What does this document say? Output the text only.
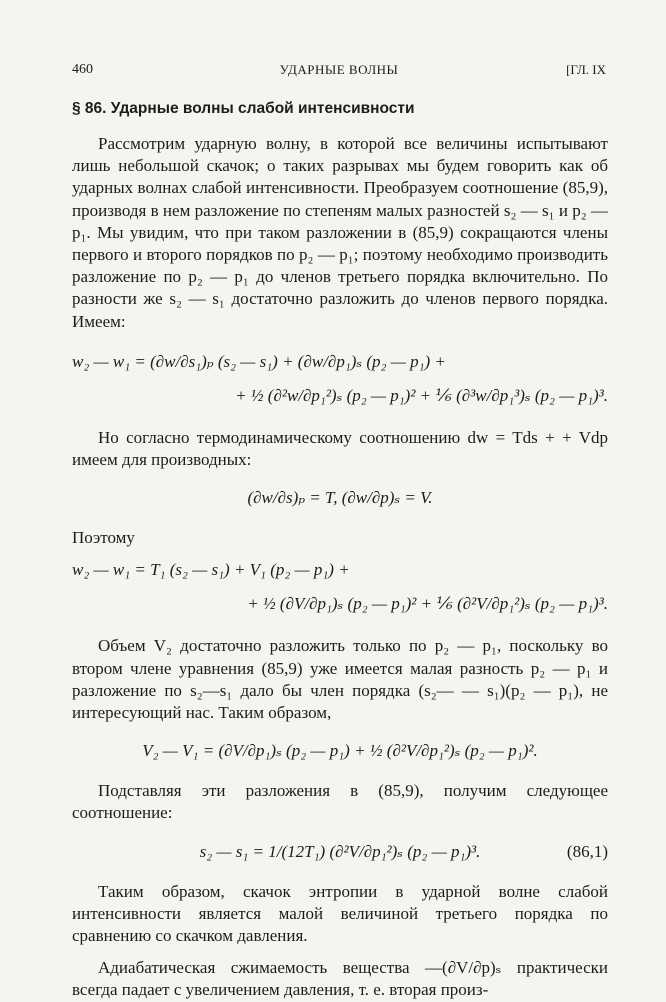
460	УДАРНЫЕ ВОЛНЫ	[ГЛ. IX
§ 86. Ударные волны слабой интенсивности

Рассмотрим ударную волну, в которой все величины испытывают лишь небольшой скачок; о таких разрывах мы будем говорить как об ударных волнах слабой интенсивности. Преобразуем соотношение (85,9), производя в нем разложение по степеням малых разностей s₂ — s₁ и p₂ — p₁. Мы увидим, что при таком разложении в (85,9) сокращаются члены первого и второго порядков по p₂ — p₁; поэтому необходимо производить разложение по p₂ — p₁ до членов третьего порядка включительно. По разности же s₂ — s₁ достаточно разложить до членов первого порядка. Имеем:

w₂ — w₁ = (∂w/∂s₁)ₚ (s₂ — s₁) + (∂w/∂p₁)ₛ (p₂ — p₁) +
+ ½ (∂²w/∂p₁²)ₛ (p₂ — p₁)² + ⅙ (∂³w/∂p₁³)ₛ (p₂ — p₁)³.

Но согласно термодинамическому соотношению dw = Tds + + Vdp имеем для производных:

(∂w/∂s)ₚ = T, (∂w/∂p)ₛ = V.

Поэтому

w₂ — w₁ = T₁ (s₂ — s₁) + V₁ (p₂ — p₁) +
+ ½ (∂V/∂p₁)ₛ (p₂ — p₁)² + ⅙ (∂²V/∂p₁²)ₛ (p₂ — p₁)³.

Объем V₂ достаточно разложить только по p₂ — p₁, поскольку во втором члене уравнения (85,9) уже имеется малая разность p₂ — p₁ и разложение по s₂—s₁ дало бы член порядка (s₂— — s₁)(p₂ — p₁), не интересующий нас. Таким образом,

V₂ — V₁ = (∂V/∂p₁)ₛ (p₂ — p₁) + ½ (∂²V/∂p₁²)ₛ (p₂ — p₁)².

Подставляя эти разложения в (85,9), получим следующее соотношение:

s₂ — s₁ = 1/(12T₁) (∂²V/∂p₁²)ₛ (p₂ — p₁)³.	(86,1)

Таким образом, скачок энтропии в ударной волне слабой интенсивности является малой величиной третьего порядка по сравнению со скачком давления.

Адиабатическая сжимаемость вещества —(∂V/∂p)ₛ практически всегда падает с увеличением давления, т. е. вторая произ-
